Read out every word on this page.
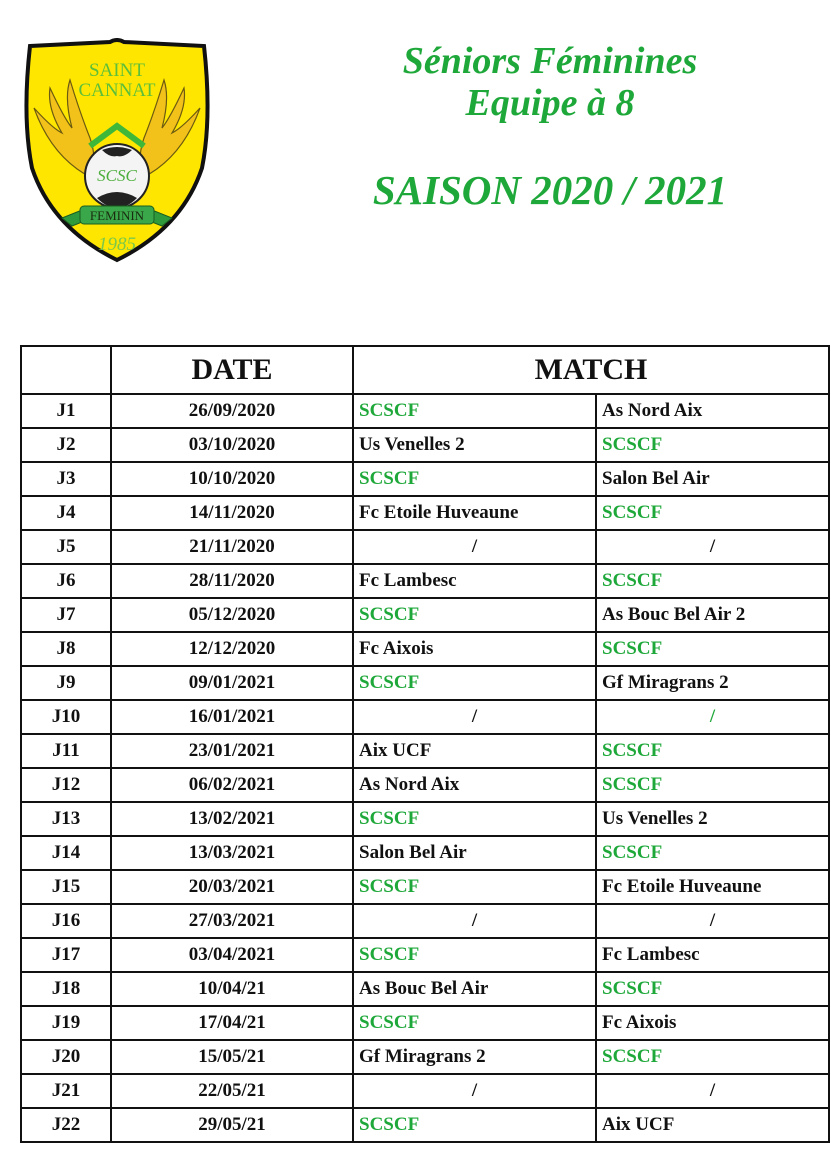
SCSC
FEMININ
SAINT
CANNAT
1985
Séniors Féminines
Equipe à 8
SAISON 2020 / 2021
	DATE	MATCH	
J1	26/09/2020	SCSCF	As Nord Aix
J2	03/10/2020	Us Venelles 2	SCSCF
J3	10/10/2020	SCSCF	Salon Bel Air
J4	14/11/2020	Fc Etoile Huveaune	SCSCF
J5	21/11/2020	/	/
J6	28/11/2020	Fc Lambesc	SCSCF
J7	05/12/2020	SCSCF	As Bouc Bel Air 2
J8	12/12/2020	Fc Aixois	SCSCF
J9	09/01/2021	SCSCF	Gf Miragrans 2
J10	16/01/2021	/	/
J11	23/01/2021	Aix UCF	SCSCF
J12	06/02/2021	As Nord Aix	SCSCF
J13	13/02/2021	SCSCF	Us Venelles 2
J14	13/03/2021	Salon Bel Air	SCSCF
J15	20/03/2021	SCSCF	Fc Etoile Huveaune
J16	27/03/2021	/	/
J17	03/04/2021	SCSCF	Fc Lambesc
J18	10/04/21	As Bouc Bel Air	SCSCF
J19	17/04/21	SCSCF	Fc Aixois
J20	15/05/21	Gf Miragrans 2	SCSCF
J21	22/05/21	/	/
J22	29/05/21	SCSCF	Aix UCF
